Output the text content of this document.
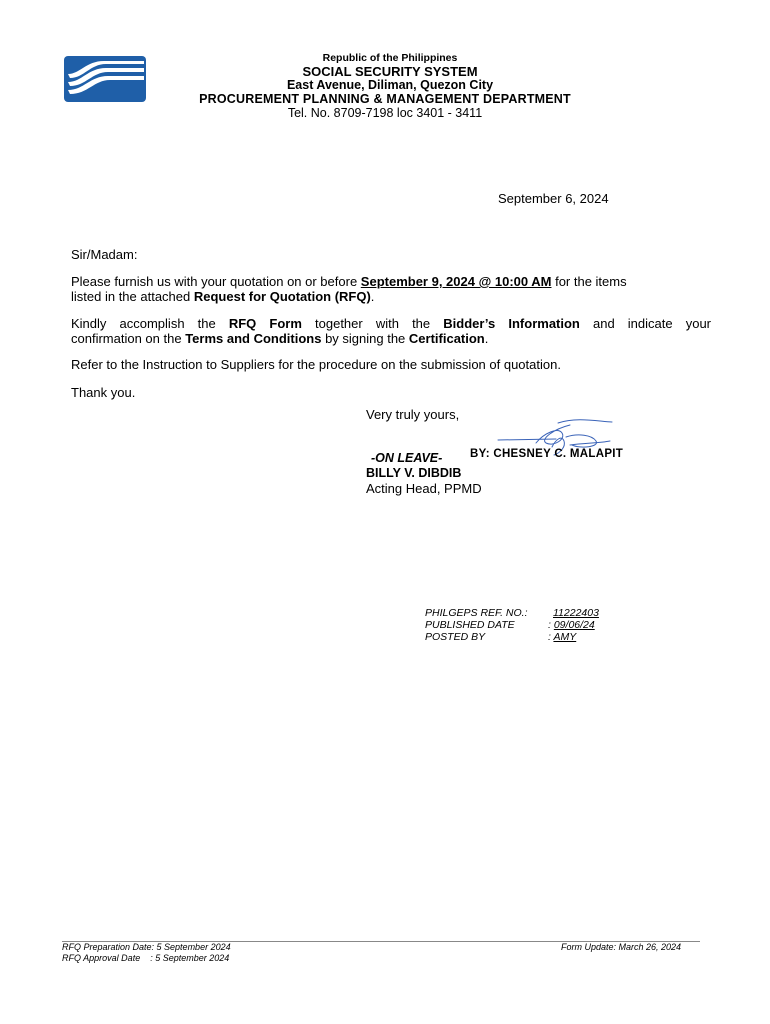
Republic of the Philippines
SOCIAL SECURITY SYSTEM
East Avenue, Diliman, Quezon City
PROCUREMENT PLANNING & MANAGEMENT DEPARTMENT
Tel. No. 8709-7198 loc 3401 - 3411
September 6, 2024
Sir/Madam:
Please furnish us with your quotation on or before September 9, 2024 @ 10:00 AM for the items
listed in the attached Request for Quotation (RFQ).
Kindly accomplish the RFQ Form together with the Bidder’s Information and indicate your
confirmation on the Terms and Conditions by signing the Certification.
Refer to the Instruction to Suppliers for the procedure on the submission of quotation.
Thank you.
Very truly yours,
-ON LEAVE- BY: CHESNEY C. MALAPIT
BILLY V. DIBDIB
Acting Head, PPMD
PHILGEPS REF. NO.: 11222403
PUBLISHED DATE	: 09/06/24
POSTED BY	: AMY
RFQ Preparation Date: 5 September 2024
RFQ Approval Date    : 5 September 2024
Form Update: March 26, 2024
